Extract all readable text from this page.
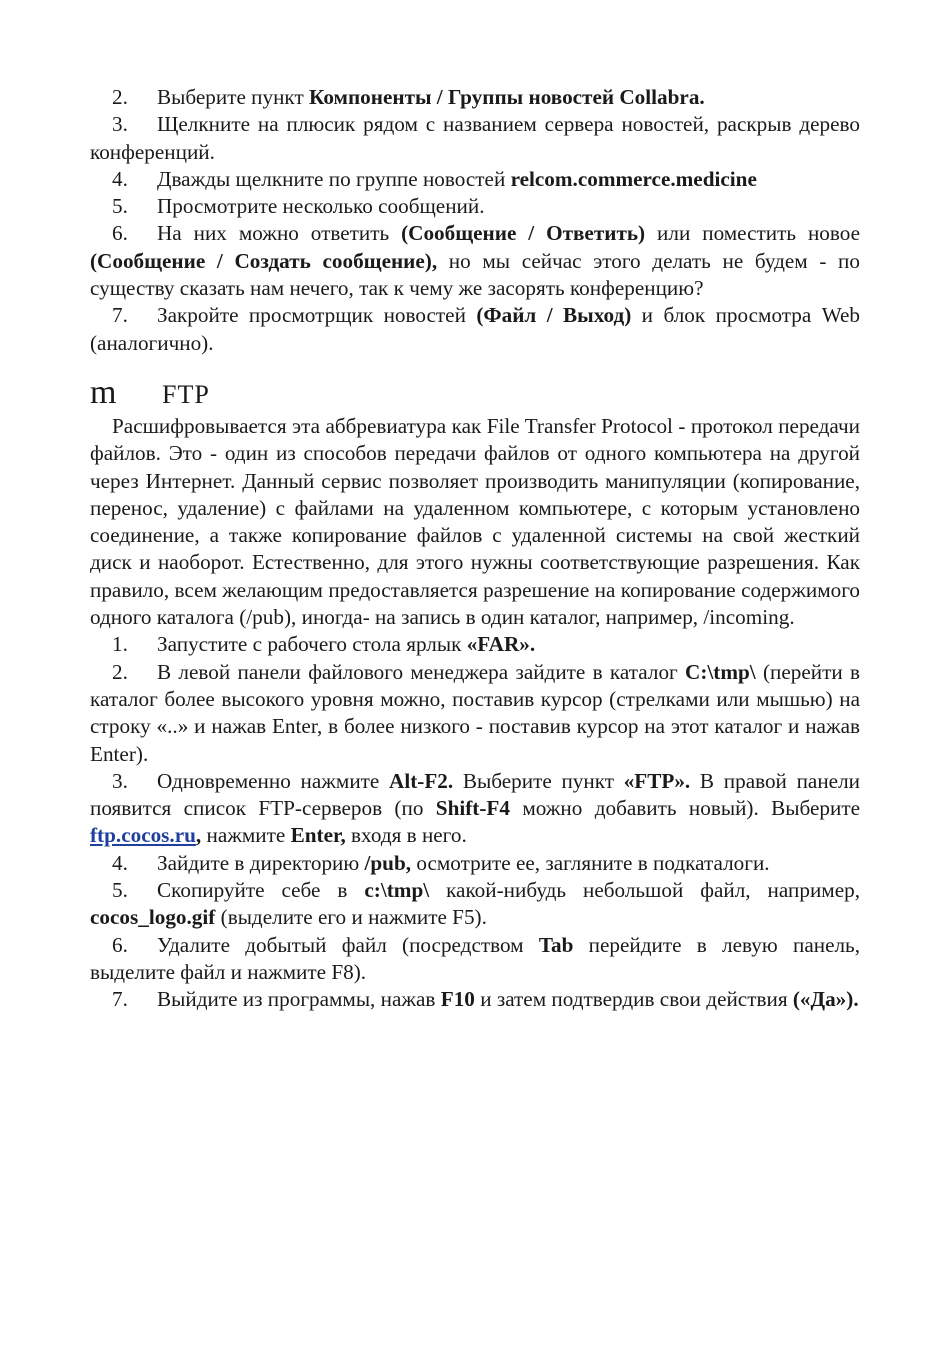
2. Выберите пункт Компоненты / Группы новостей Collabra.

3. Щелкните на плюсик рядом с названием сервера новостей, раскрыв дерево конференций.

4. Дважды щелкните по группе новостей relcom.commerce.medicine

5. Просмотрите несколько сообщений.

6. На них можно ответить (Сообщение / Ответить) или поместить новое (Сообщение / Создать сообщение), но мы сейчас этого делать не будем - по существу сказать нам нечего, так к чему же засорять конференцию?

7. Закройте просмотрщик новостей (Файл / Выход) и блок просмотра Web (аналогично).

m	FTP

Расшифровывается эта аббревиатура как File Transfer Protocol - протокол передачи файлов. Это - один из способов передачи файлов от одного компьютера на другой через Интернет. Данный сервис позволяет производить манипуляции (копирование, перенос, удаление) с файлами на удаленном компьютере, с которым установлено соединение, а также копирование файлов с удаленной системы на свой жесткий диск и наоборот. Естественно, для этого нужны соответствующие разрешения. Как правило, всем желающим предоставляется разрешение на копирование содержимого одного каталога (/pub), иногда- на запись в один каталог, например, /incoming.

1. Запустите с рабочего стола ярлык «FAR».

2. В левой панели файлового менеджера зайдите в каталог C:\tmp\ (перейти в каталог более высокого уровня можно, поставив курсор (стрелками или мышью) на строку «..» и нажав Enter, в более низкого - поставив курсор на этот каталог и нажав Enter).

3. Одновременно нажмите Alt-F2. Выберите пункт «FTP». В правой панели появится список FTP-серверов (по Shift-F4 можно добавить новый). Выберите ftp.cocos.ru, нажмите Enter, входя в него.

4. Зайдите в директорию /pub, осмотрите ее, загляните в подкаталоги.

5. Скопируйте себе в c:\tmp\ какой-нибудь небольшой файл, например, cocos_logo.gif (выделите его и нажмите F5).

6. Удалите добытый файл (посредством Tab перейдите в левую панель, выделите файл и нажмите F8).

7. Выйдите из программы, нажав F10 и затем подтвердив свои действия («Да»).
